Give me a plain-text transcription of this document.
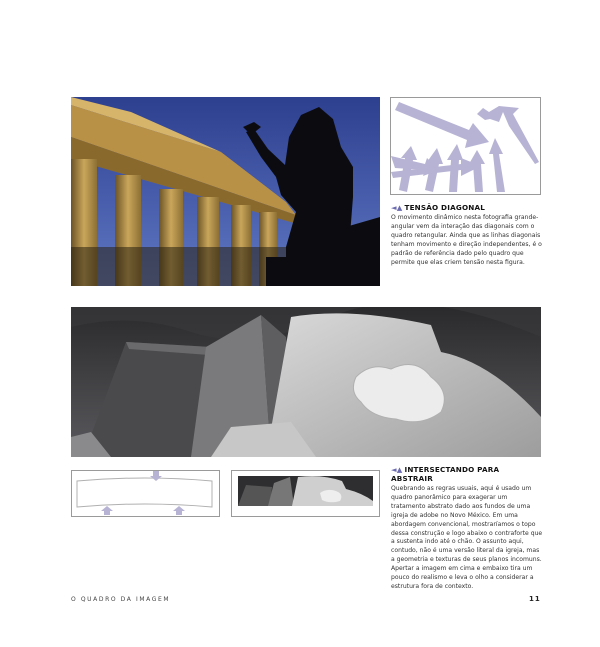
◄▲ TENSÃO DIAGONAL
O movimento dinâmico nesta fotografia grande-angular vem da interação das diagonais com o quadro retangular. Ainda que as linhas diagonais tenham movimento e direção independentes, é o padrão de referência dado pelo quadro que permite que elas criem tensão nesta figura.
◄▲ INTERSECTANDO PARA ABSTRAIR
Quebrando as regras usuais, aqui é usado um quadro panorâmico para exagerar um tratamento abstrato dado aos fundos de uma igreja de adobe no Novo México. Em uma abordagem convencional, mostraríamos o topo dessa construção e logo abaixo o contraforte que a sustenta indo até o chão. O assunto aqui, contudo, não é uma versão literal da igreja, mas a geometria e texturas de seus planos incomuns. Apertar a imagem em cima e embaixo tira um pouco do realismo e leva o olho a considerar a estrutura fora de contexto.
O QUADRO DA IMAGEM	11
